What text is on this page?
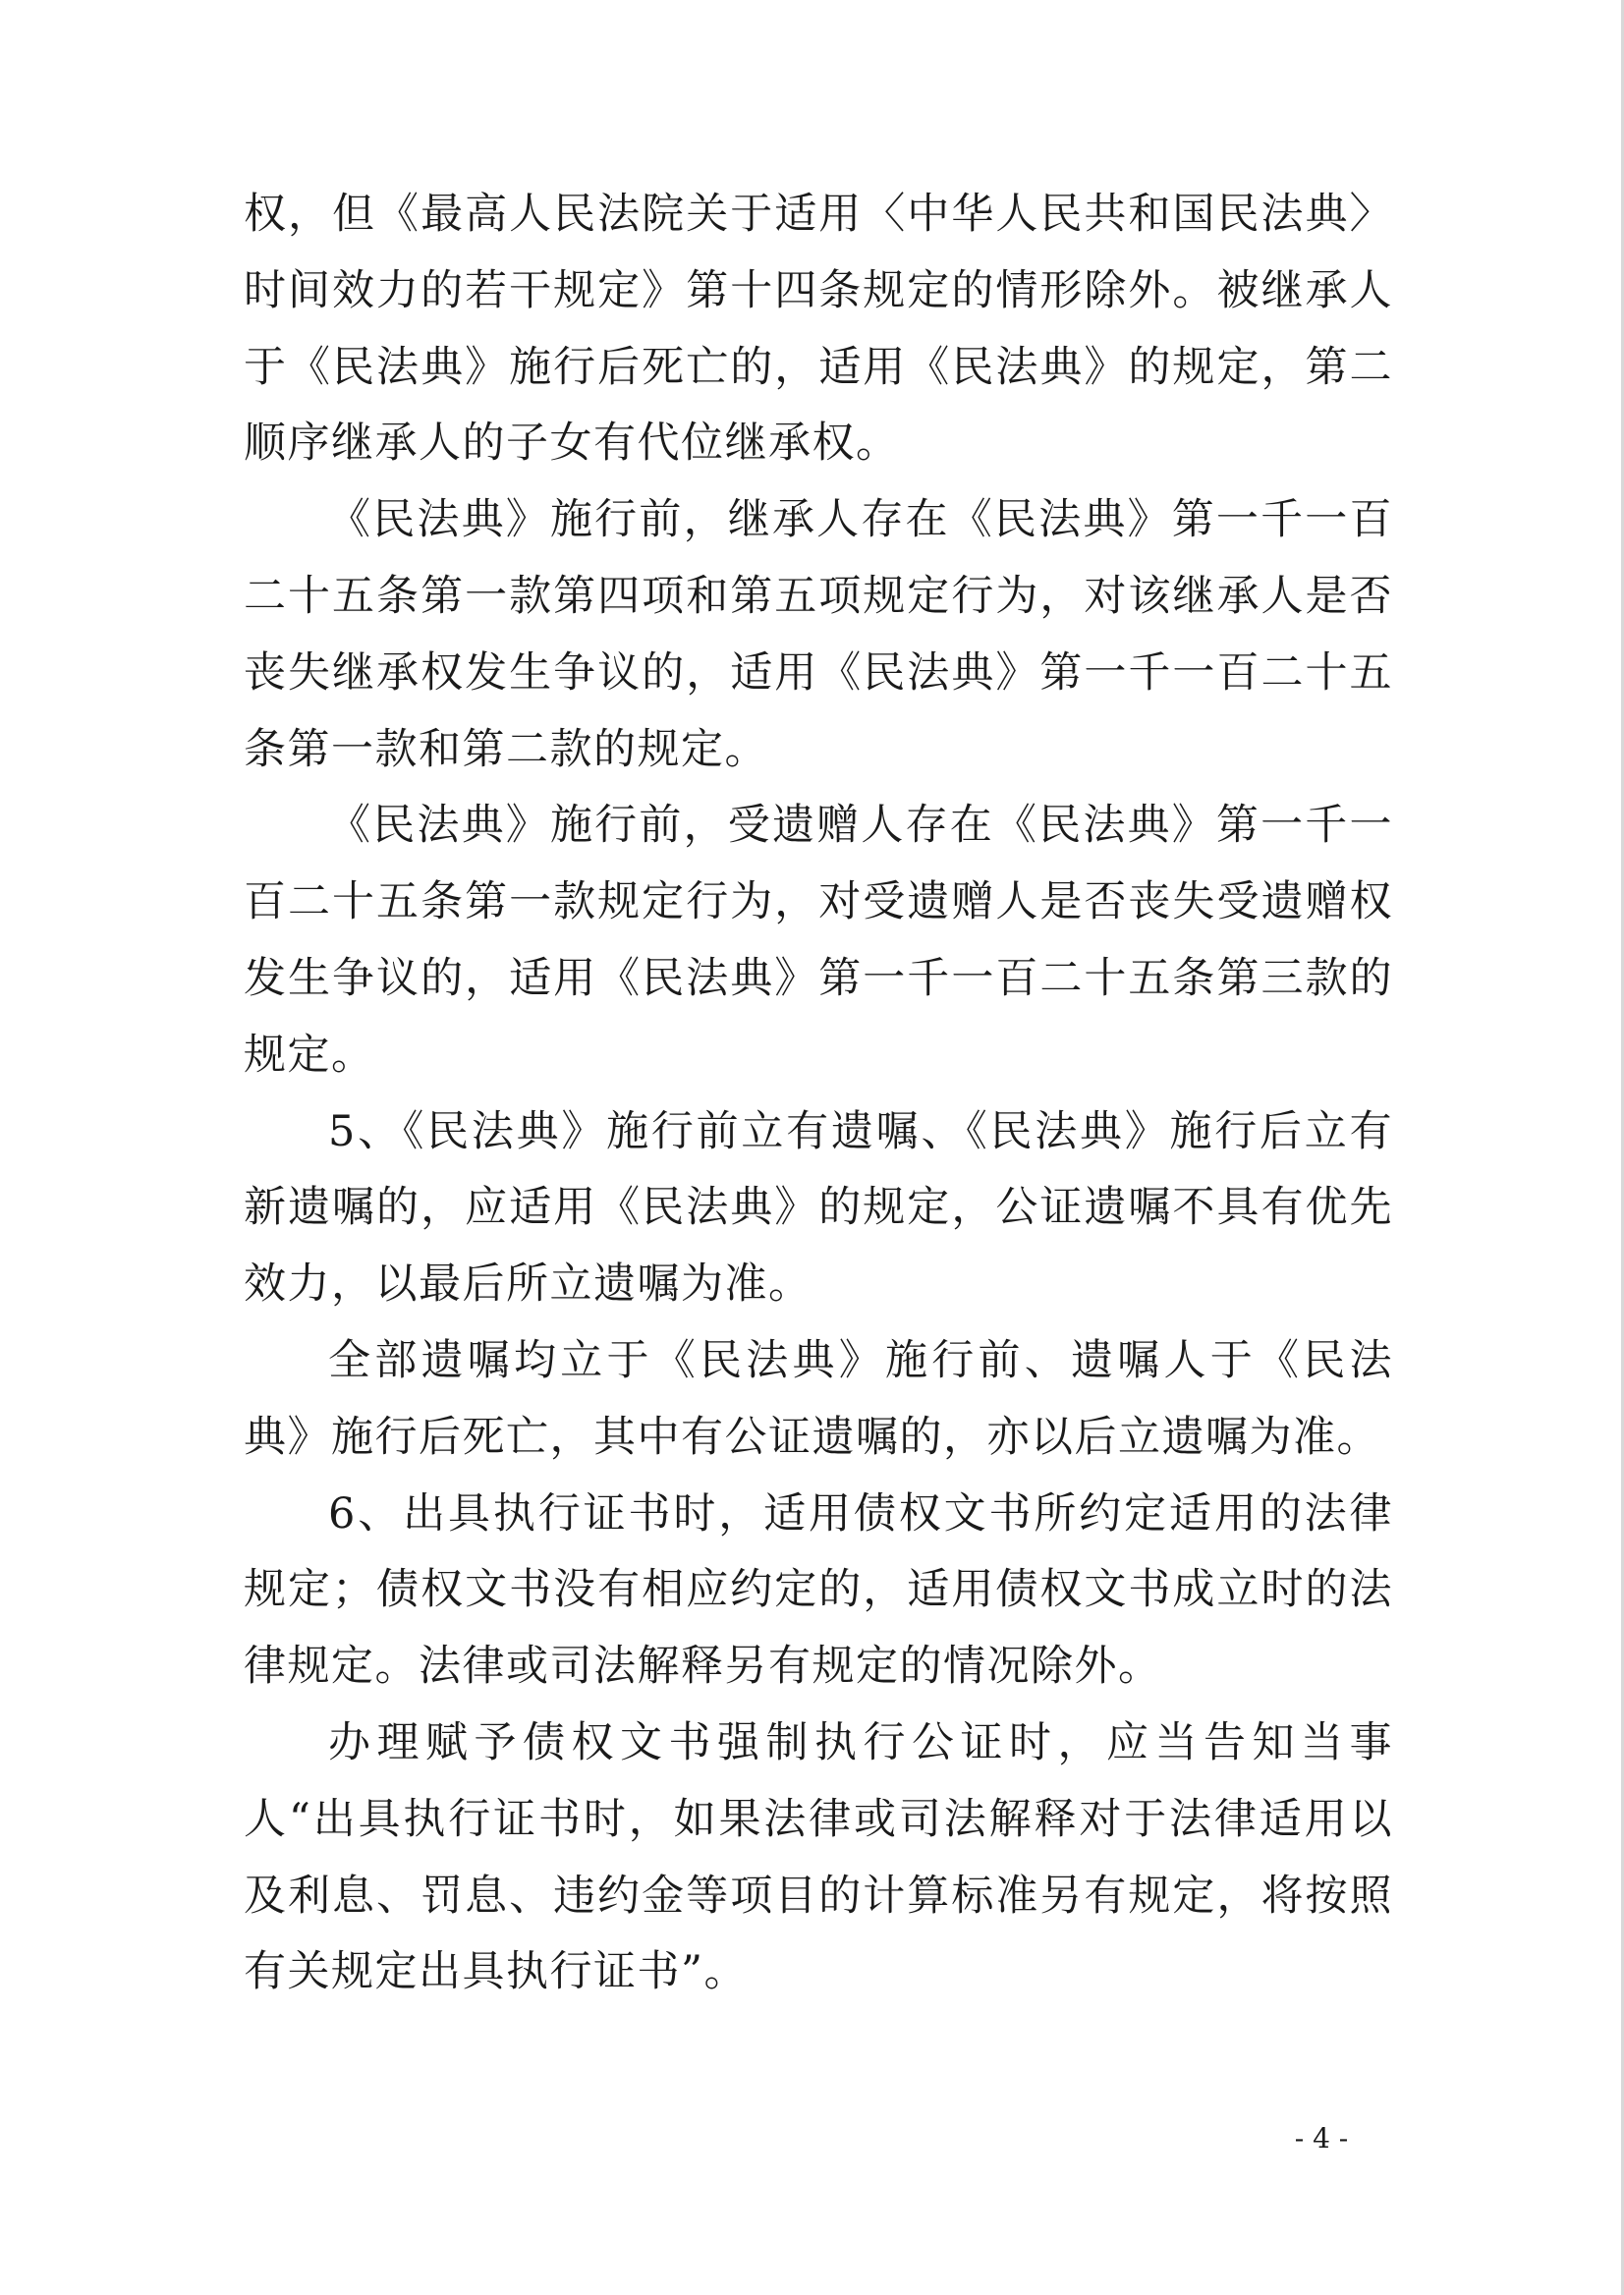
权，但《最高人民法院关于适用〈中华人民共和国民法典〉时间效力的若干规定》第十四条规定的情形除外。被继承人于《民法典》施行后死亡的，适用《民法典》的规定，第二顺序继承人的子女有代位继承权。

《民法典》施行前，继承人存在《民法典》第一千一百二十五条第一款第四项和第五项规定行为，对该继承人是否丧失继承权发生争议的，适用《民法典》第一千一百二十五条第一款和第二款的规定。

《民法典》施行前，受遗赠人存在《民法典》第一千一百二十五条第一款规定行为，对受遗赠人是否丧失受遗赠权发生争议的，适用《民法典》第一千一百二十五条第三款的规定。

5、《民法典》施行前立有遗嘱、《民法典》施行后立有新遗嘱的，应适用《民法典》的规定，公证遗嘱不具有优先效力，以最后所立遗嘱为准。

全部遗嘱均立于《民法典》施行前、遗嘱人于《民法典》施行后死亡，其中有公证遗嘱的，亦以后立遗嘱为准。

6、出具执行证书时，适用债权文书所约定适用的法律规定；债权文书没有相应约定的，适用债权文书成立时的法律规定。法律或司法解释另有规定的情况除外。

办理赋予债权文书强制执行公证时，应当告知当事人“出具执行证书时，如果法律或司法解释对于法律适用以及利息、罚息、违约金等项目的计算标准另有规定，将按照有关规定出具执行证书”。

- 4 -
